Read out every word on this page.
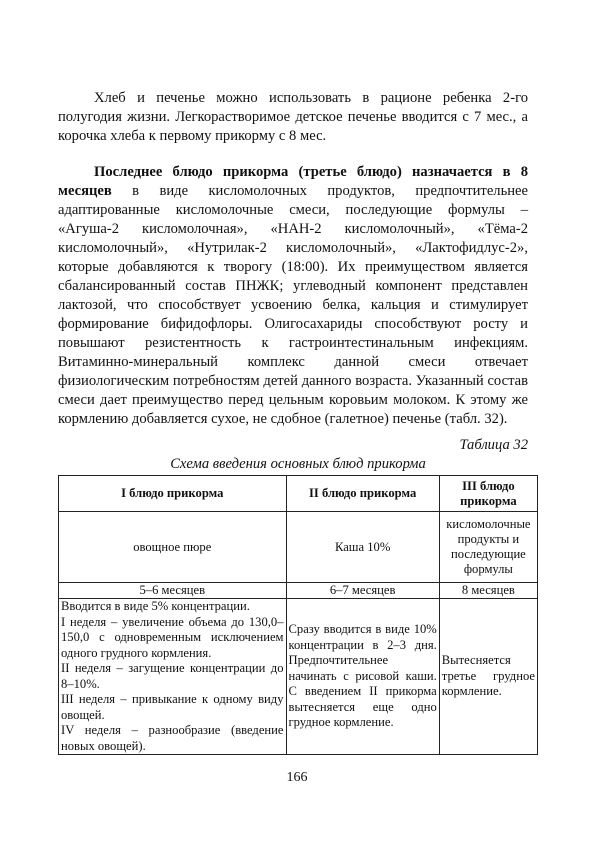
Хлеб и печенье можно использовать в рационе ребенка 2-го полугодия жизни. Легкорастворимое детское печенье вводится с 7 мес., а корочка хлеба к первому прикорму с 8 мес.

Последнее блюдо прикорма (третье блюдо) назначается в 8 месяцев в виде кисломолочных продуктов, предпочтительнее адаптированные кисломолочные смеси, последующие формулы – «Агуша-2 кисломолочная», «НАН-2 кисломолочный», «Тёма-2 кисломолочный», «Нутрилак-2 кисломолочный», «Лактофидлус-2», которые добавляются к творогу (18:00). Их преимуществом является сбалансированный состав ПНЖК; углеводный компонент представлен лактозой, что способствует усвоению белка, кальция и стимулирует формирование бифидофлоры. Олигосахариды способствуют росту и повышают резистентность к гастроинтестинальным инфекциям. Витаминно-минеральный комплекс данной смеси отвечает физиологическим потребностям детей данного возраста. Указанный состав смеси дает преимущество перед цельным коровьим молоком. К этому же кормлению добавляется сухое, не сдобное (галетное) печенье (табл. 32).

Таблица 32
Схема введения основных блюд прикорма
I блюдо прикорма	II блюдо прикорма	III блюдо прикорма
овощное пюре	Каша 10%	кисломолочные продукты и последующие формулы
5–6 месяцев	6–7 месяцев	8 месяцев

Вводится в виде 5% концентрации.
I неделя – увеличение объема до 130,0–150,0 с одновременным исключением одного грудного кормления.
II неделя – загущение концентрации до 8–10%.
III неделя – привыкание к одному виду овощей.
IV неделя – разнообразие (введение новых овощей).	Сразу вводится в виде 10% концентрации в 2–3 дня. Предпочтительнее начинать с рисовой каши. С введением II прикорма вытесняется еще одно грудное кормление.	Вытесняется третье грудное кормление.
166
